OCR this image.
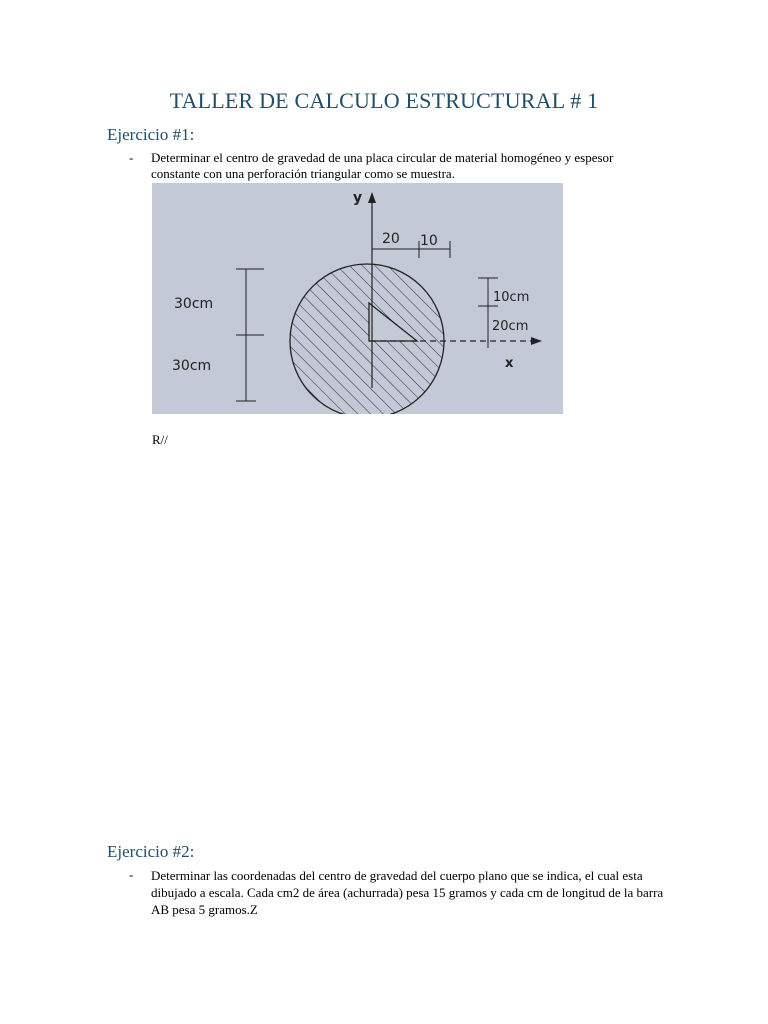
TALLER DE CALCULO ESTRUCTURAL # 1
Ejercicio #1:
- Determinar el centro de gravedad de una placa circular de material homogéneo y espesor constante con una perforación triangular como se muestra.
y
x
20 10
30cm
30cm
10cm
20cm
R//
Ejercicio #2:
- Determinar las coordenadas del centro de gravedad del cuerpo plano que se indica, el cual esta dibujado a escala. Cada cm2 de área (achurrada) pesa 15 gramos y cada cm de longitud de la barra AB pesa 5 gramos.Z
